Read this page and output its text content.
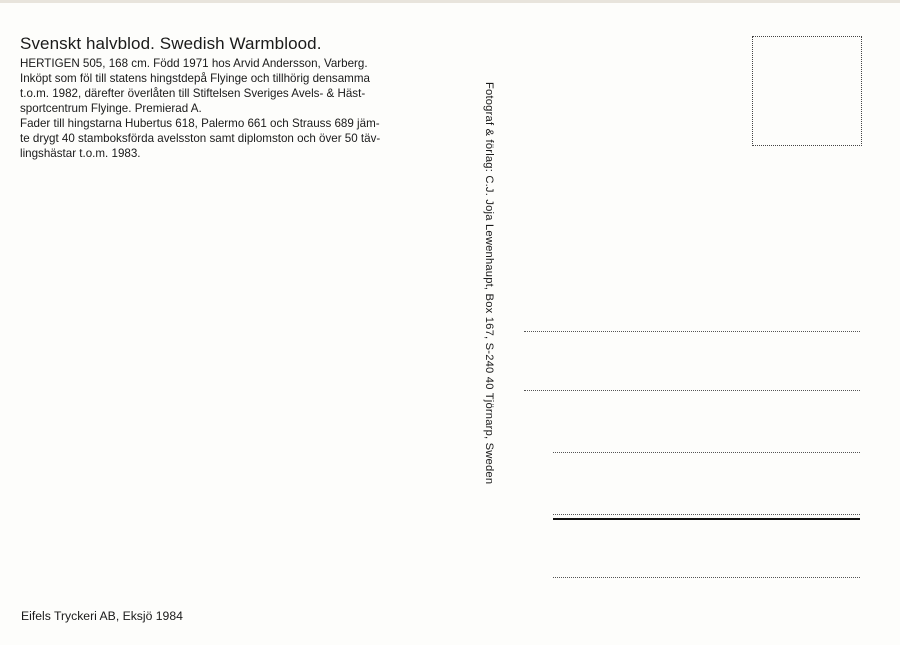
Svenskt halvblod. Swedish Warmblood.

HERTIGEN 505, 168 cm. Född 1971 hos Arvid Andersson, Varberg.

Inköpt som föl till statens hingstdepå Flyinge och tillhörig densamma

t.o.m. 1982, därefter överlåten till Stiftelsen Sveriges Avels- & Häst-

sportcentrum Flyinge. Premierad A.

Fader till hingstarna Hubertus 618, Palermo 661 och Strauss 689 jäm-

te drygt 40 stamboksförda avelsston samt diplomston och över 50 täv-

lingshästar t.o.m. 1983.	Fotograf & förlag: C.J. Joja Lewenhaupt, Box 167, S-240 40 Tjörnarp, Sweden
Eifels Tryckeri AB, Eksjö 1984
